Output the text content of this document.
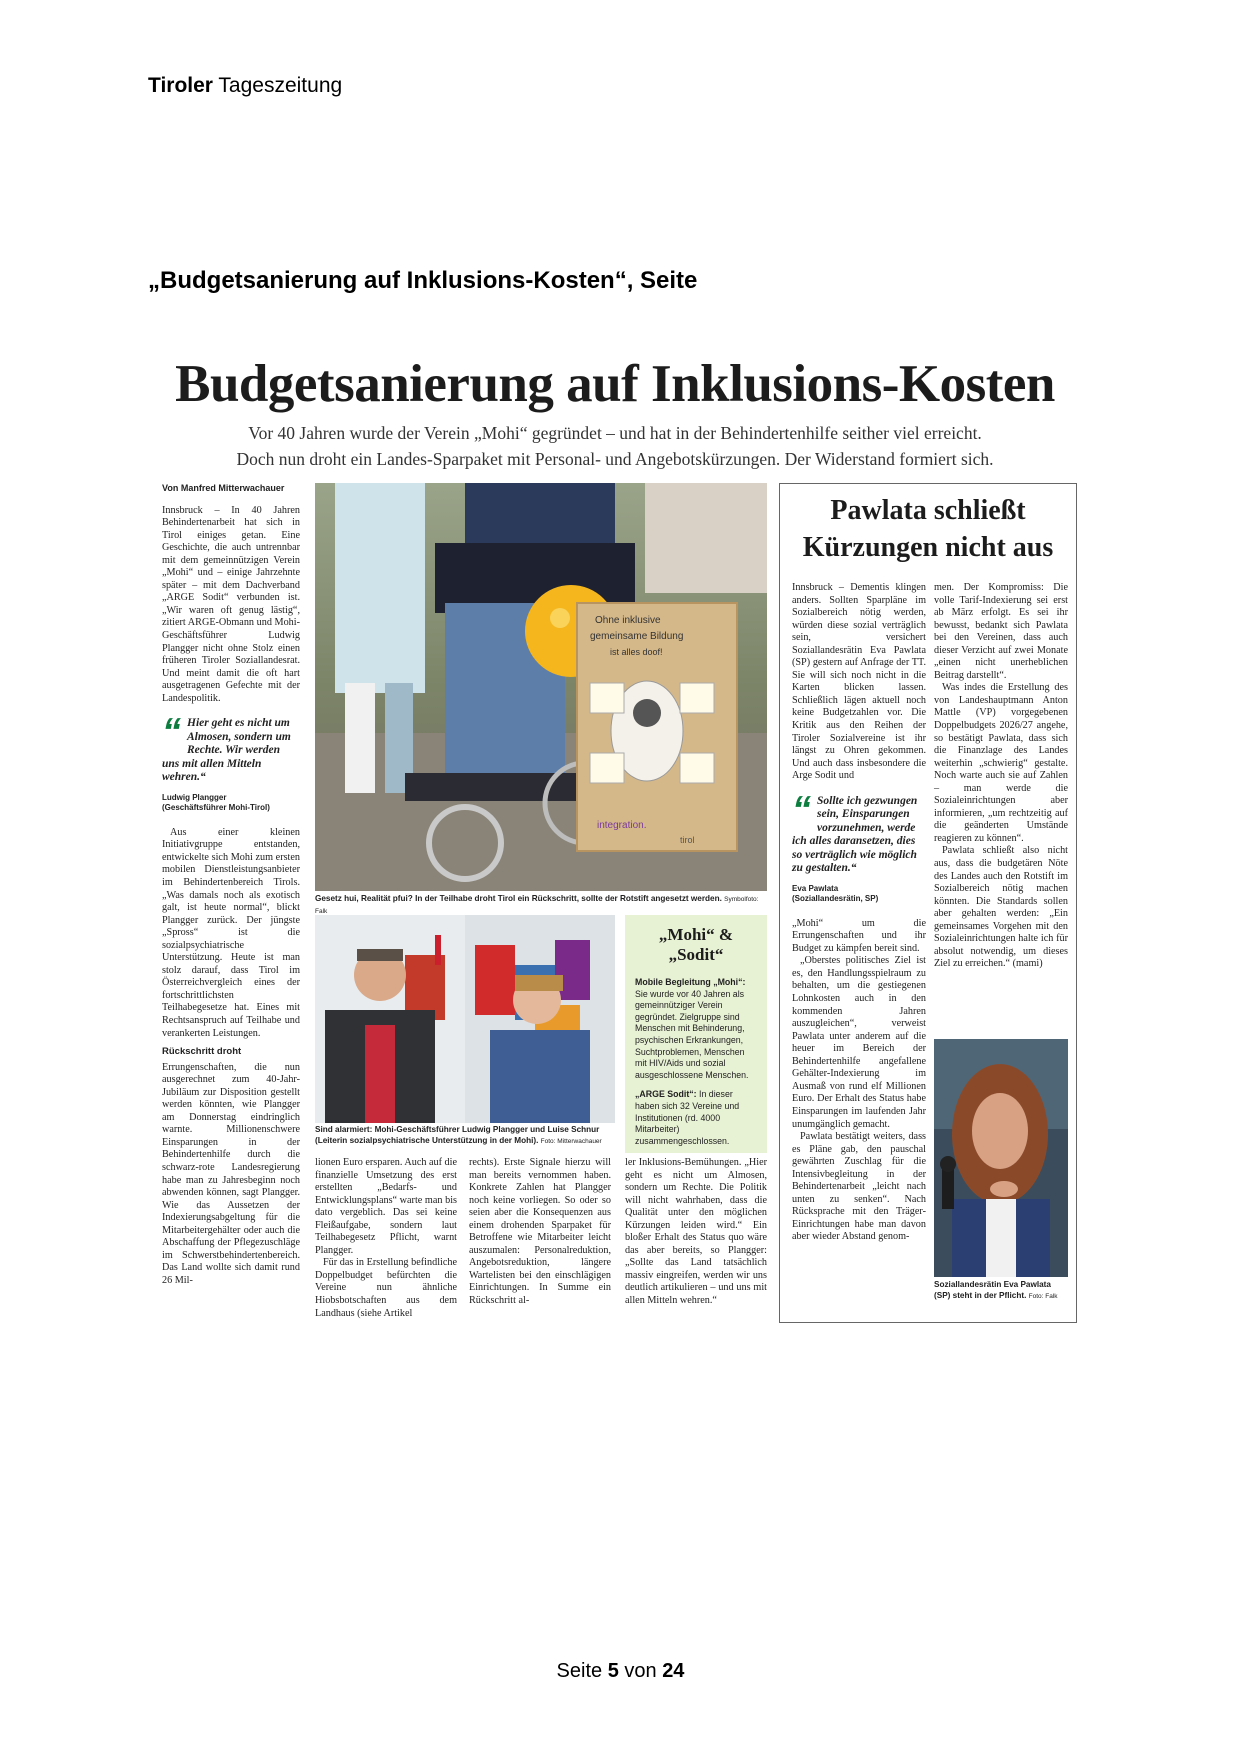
Tiroler Tageszeitung
„Budgetsanierung auf Inklusions-Kosten“, Seite
Budgetsanierung auf Inklusions-Kosten
Vor 40 Jahren wurde der Verein „Mohi“ gegründet – und hat in der Behindertenhilfe seither viel erreicht.
Doch nun droht ein Landes-Sparpaket mit Personal- und Angebotskürzungen. Der Widerstand formiert sich.
Von Manfred Mitterwachauer

Innsbruck – In 40 Jahren Behindertenarbeit hat sich in Tirol einiges getan. Eine Geschichte, die auch untrennbar mit dem gemeinnützigen Verein „Mohi“ und – einige Jahrzehnte später – mit dem Dachverband „ARGE Sodit“ verbunden ist. „Wir waren oft genug lästig“, zitiert ARGE-Obmann und Mohi-Geschäftsführer Ludwig Plangger nicht ohne Stolz einen früheren Tiroler Soziallandesrat. Und meint damit die oft hart ausgetragenen Gefechte mit der Landespolitik.

“ Hier geht es nicht um Almosen, sondern um Rechte. Wir werden uns mit allen Mitteln wehren.“
Ludwig Plangger
(Geschäftsführer Mohi-Tirol)

Aus einer kleinen Initiativgruppe entstanden, entwickelte sich Mohi zum ersten mobilen Dienstleistungsanbieter im Behindertenbereich Tirols. „Was damals noch als exotisch galt, ist heute normal“, blickt Plangger zurück. Der jüngste „Spross“ ist die sozialpsychiatrische Unterstützung. Heute ist man stolz darauf, dass Tirol im Österreichvergleich eines der fortschrittlichsten Teilhabegesetze hat. Eines mit Rechtsanspruch auf Teilhabe und verankerten Leistungen.

Rückschritt droht

Errungenschaften, die nun ausgerechnet zum 40-Jahr-Jubiläum zur Disposition gestellt werden könnten, wie Plangger am Donnerstag eindringlich warnte. Millionenschwere Einsparungen in der Behindertenhilfe durch die schwarz-rote Landesregierung habe man zu Jahresbeginn noch abwenden können, sagt Plangger. Wie das Aussetzen der Indexierungsabgeltung für die Mitarbeitergehälter oder auch die Abschaffung der Pflegezuschläge im Schwerstbehindertenbereich. Das Land wollte sich damit rund 26 Mil-

Ohne inklusive
gemeinsame Bildung
ist alles doof!
integration.
tirol
Gesetz hui, Realität pfui? In der Teilhabe droht Tirol ein Rückschritt, sollte der Rotstift angesetzt werden. Symbolfoto: Falk
Sind alarmiert: Mohi-Geschäftsführer Ludwig Plangger und Luise Schnur (Leiterin sozialpsychiatrische Unterstützung in der Mohi). Foto: Mitterwachauer
„Mohi“ & „Sodit“
Mobile Begleitung „Mohi“: Sie wurde vor 40 Jahren als gemeinnütziger Verein gegründet. Zielgruppe sind Menschen mit Behinderung, psychischen Erkrankungen, Suchtproblemen, Menschen mit HIV/Aids und sozial ausgeschlossene Menschen.
„ARGE Sodit“: In dieser haben sich 32 Vereine und Institutionen (rd. 4000 Mitarbeiter) zusammengeschlossen.

lionen Euro ersparen. Auch auf die finanzielle Umsetzung des erst erstellten „Bedarfs- und Entwicklungsplans“ warte man bis dato vergeblich. Das sei keine Fleißaufgabe, sondern laut Teilhabegesetz Pflicht, warnt Plangger.

Für das in Erstellung befindliche Doppelbudget befürchten die Vereine nun ähnliche Hiobsbotschaften aus dem Landhaus (siehe Artikel

rechts). Erste Signale hierzu will man bereits vernommen haben. Konkrete Zahlen hat Plangger noch keine vorliegen. So oder so seien aber die Konsequenzen aus einem drohenden Sparpaket für Betroffene wie Mitarbeiter leicht auszumalen: Personalreduktion, Angebotsreduktion, längere Wartelisten bei den einschlägigen Einrichtungen. In Summe ein Rückschritt al-

ler Inklusions-Bemühungen. „Hier geht es nicht um Almosen, sondern um Rechte. Die Politik will nicht wahrhaben, dass die Qualität unter den möglichen Kürzungen leiden wird.“ Ein bloßer Erhalt des Status quo wäre das aber bereits, so Plangger: „Sollte das Land tatsächlich massiv eingreifen, werden wir uns deutlich artikulieren – und uns mit allen Mitteln wehren.“

Pawlata schließt
Kürzungen nicht aus

Innsbruck – Dementis klingen anders. Sollten Sparpläne im Sozialbereich nötig werden, würden diese sozial verträglich sein, versichert Soziallandesrätin Eva Pawlata (SP) gestern auf Anfrage der TT. Sie will sich noch nicht in die Karten blicken lassen. Schließlich lägen aktuell noch keine Budgetzahlen vor. Die Kritik aus den Reihen der Tiroler Sozialvereine ist ihr längst zu Ohren gekommen. Und auch dass insbesondere die Arge Sodit und

“ Sollte ich gezwungen sein, Einsparungen vorzunehmen, werde ich alles daransetzen, dies so verträglich wie möglich zu gestalten.“
Eva Pawlata
(Soziallandesrätin, SP)

„Mohi“ um die Errungenschaften und ihr Budget zu kämpfen bereit sind.

„Oberstes politisches Ziel ist es, den Handlungsspielraum zu behalten, um die gestiegenen Lohnkosten auch in den kommenden Jahren auszugleichen“, verweist Pawlata unter anderem auf die heuer im Bereich der Behindertenhilfe angefallene Gehälter-Indexierung im Ausmaß von rund elf Millionen Euro. Der Erhalt des Status habe Einsparungen im laufenden Jahr unumgänglich gemacht.

Pawlata bestätigt weiters, dass es Pläne gab, den pauschal gewährten Zuschlag für die Intensivbegleitung in der Behindertenarbeit „leicht nach unten zu senken“. Nach Rücksprache mit den Träger-Einrichtungen habe man davon aber wieder Abstand genom-

men. Der Kompromiss: Die volle Tarif-Indexierung sei erst ab März erfolgt. Es sei ihr bewusst, bedankt sich Pawlata bei den Vereinen, dass auch dieser Verzicht auf zwei Monate „einen nicht unerheblichen Beitrag darstellt“.

Was indes die Erstellung des von Landeshauptmann Anton Mattle (VP) vorgegebenen Doppelbudgets 2026/27 angehe, so bestätigt Pawlata, dass sich die Finanzlage des Landes weiterhin „schwierig“ gestalte. Noch warte auch sie auf Zahlen – man werde die Sozialeinrichtungen aber informieren, „um rechtzeitig auf die geänderten Umstände reagieren zu können“.

Pawlata schließt also nicht aus, dass die budgetären Nöte des Landes auch den Rotstift im Sozialbereich nötig machen könnten. Die Standards sollen aber gehalten werden: „Ein gemeinsames Vorgehen mit den Sozialeinrichtungen halte ich für absolut notwendig, um dieses Ziel zu erreichen.“ (mami)

Soziallandesrätin Eva Pawlata (SP) steht in der Pflicht. Foto: Falk
Seite 5 von 24
